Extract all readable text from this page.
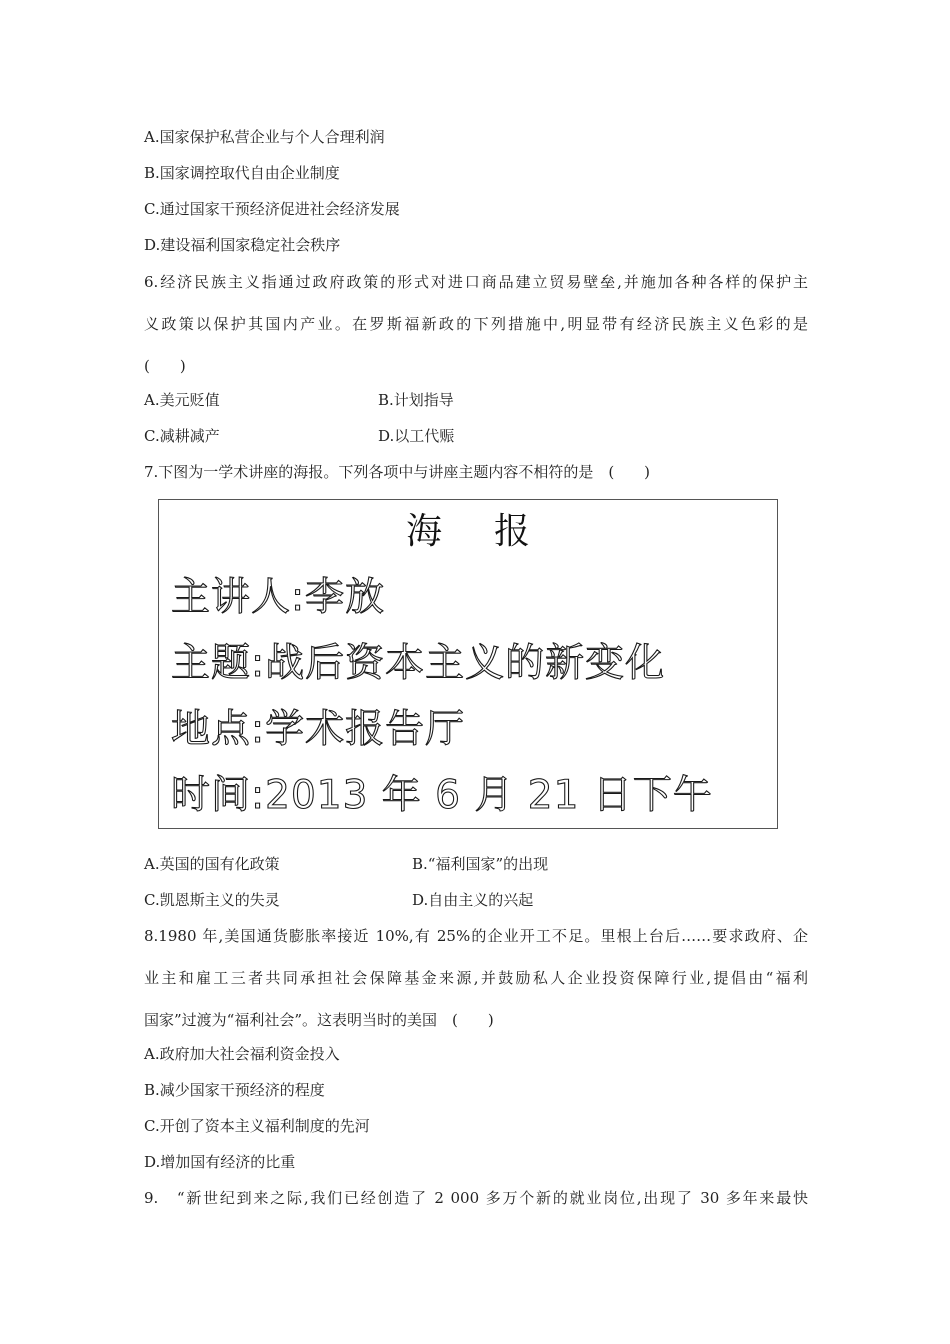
A.国家保护私营企业与个人合理利润
B.国家调控取代自由企业制度
C.通过国家干预经济促进社会经济发展
D.建设福利国家稳定社会秩序
6.经济民族主义指通过政府政策的形式对进口商品建立贸易壁垒,并施加各种各样的保护主
义政策以保护其国内产业。在罗斯福新政的下列措施中,明显带有经济民族主义色彩的是
(　　)
A.美元贬值	B.计划指导
C.减耕减产	D.以工代赈
7.下图为一学术讲座的海报。下列各项中与讲座主题内容不相符的是　(　　)
海报
主讲人:李放
主题:战后资本主义的新变化
地点:学术报告厅
时间:2013 年 6 月 21 日下午
A.英国的国有化政策	B.“福利国家”的出现
C.凯恩斯主义的失灵	D.自由主义的兴起
8.1980 年,美国通货膨胀率接近 10%,有 25%的企业开工不足。里根上台后……要求政府、企
业主和雇工三者共同承担社会保障基金来源,并鼓励私人企业投资保障行业,提倡由“福利
国家”过渡为“福利社会”。这表明当时的美国　(　　)
A.政府加大社会福利资金投入
B.减少国家干预经济的程度
C.开创了资本主义福利制度的先河
D.增加国有经济的比重
9.　“新世纪到来之际,我们已经创造了 2 000 多万个新的就业岗位,出现了 30 多年来最快
